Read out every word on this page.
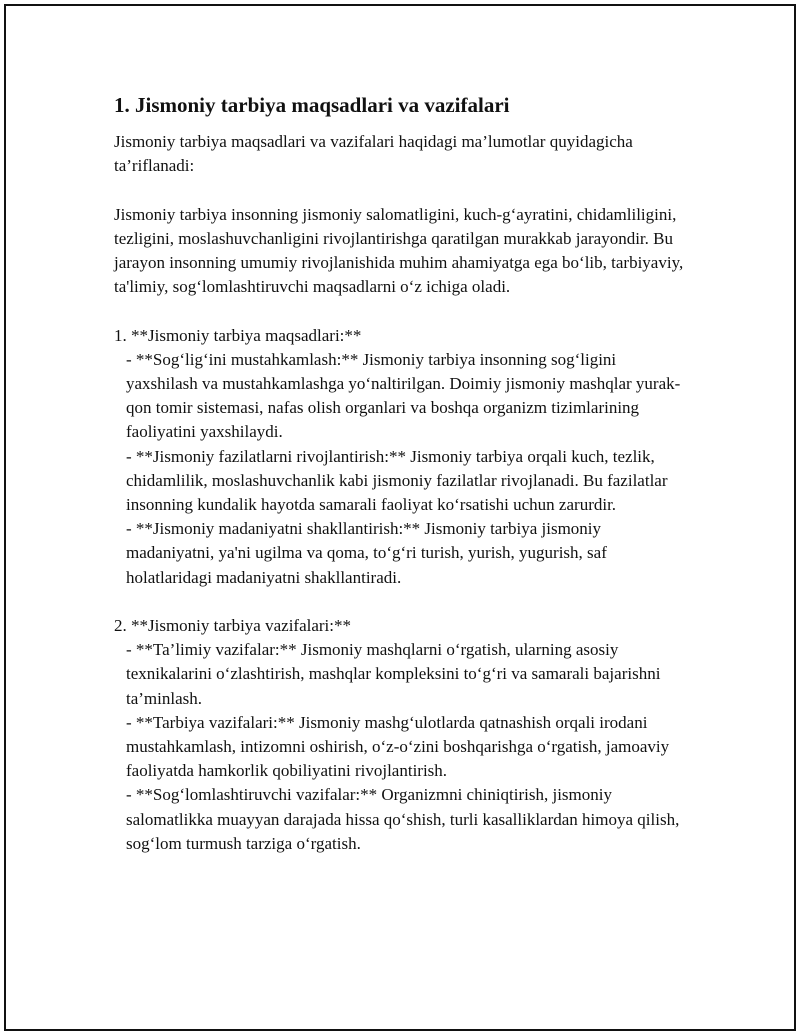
1. Jismoniy tarbiya maqsadlari va vazifalari

Jismoniy tarbiya maqsadlari va vazifalari haqidagi ma’lumotlar quyidagicha ta’riflanadi:

Jismoniy tarbiya insonning jismoniy salomatligini, kuch-g‘ayratini, chidamliligini, tezligini, moslashuvchanligini rivojlantirishga qaratilgan murakkab jarayondir. Bu jarayon insonning umumiy rivojlanishida muhim ahamiyatga ega bo‘lib, tarbiyaviy, ta'limiy, sog‘lomlashtiruvchi maqsadlarni o‘z ichiga oladi.

1. **Jismoniy tarbiya maqsadlari:**

- **Sog‘lig‘ini mustahkamlash:** Jismoniy tarbiya insonning sog‘ligini yaxshilash va mustahkamlashga yo‘naltirilgan. Doimiy jismoniy mashqlar yurak-qon tomir sistemasi, nafas olish organlari va boshqa organizm tizimlarining faoliyatini yaxshilaydi.

- **Jismoniy fazilatlarni rivojlantirish:** Jismoniy tarbiya orqali kuch, tezlik, chidamlilik, moslashuvchanlik kabi jismoniy fazilatlar rivojlanadi. Bu fazilatlar insonning kundalik hayotda samarali faoliyat ko‘rsatishi uchun zarurdir.

- **Jismoniy madaniyatni shakllantirish:** Jismoniy tarbiya jismoniy madaniyatni, ya'ni ugilma va qoma, to‘g‘ri turish, yurish, yugurish, saf holatlaridagi madaniyatni shakllantiradi.

2. **Jismoniy tarbiya vazifalari:**

- **Ta’limiy vazifalar:** Jismoniy mashqlarni o‘rgatish, ularning asosiy texnikalarini o‘zlashtirish, mashqlar kompleksini to‘g‘ri va samarali bajarishni ta’minlash.

- **Tarbiya vazifalari:** Jismoniy mashg‘ulotlarda qatnashish orqali irodani mustahkamlash, intizomni oshirish, o‘z-o‘zini boshqarishga o‘rgatish, jamoaviy faoliyatda hamkorlik qobiliyatini rivojlantirish.

- **Sog‘lomlashtiruvchi vazifalar:** Organizmni chiniqtirish, jismoniy salomatlikka muayyan darajada hissa qo‘shish, turli kasalliklardan himoya qilish, sog‘lom turmush tarziga o‘rgatish.
